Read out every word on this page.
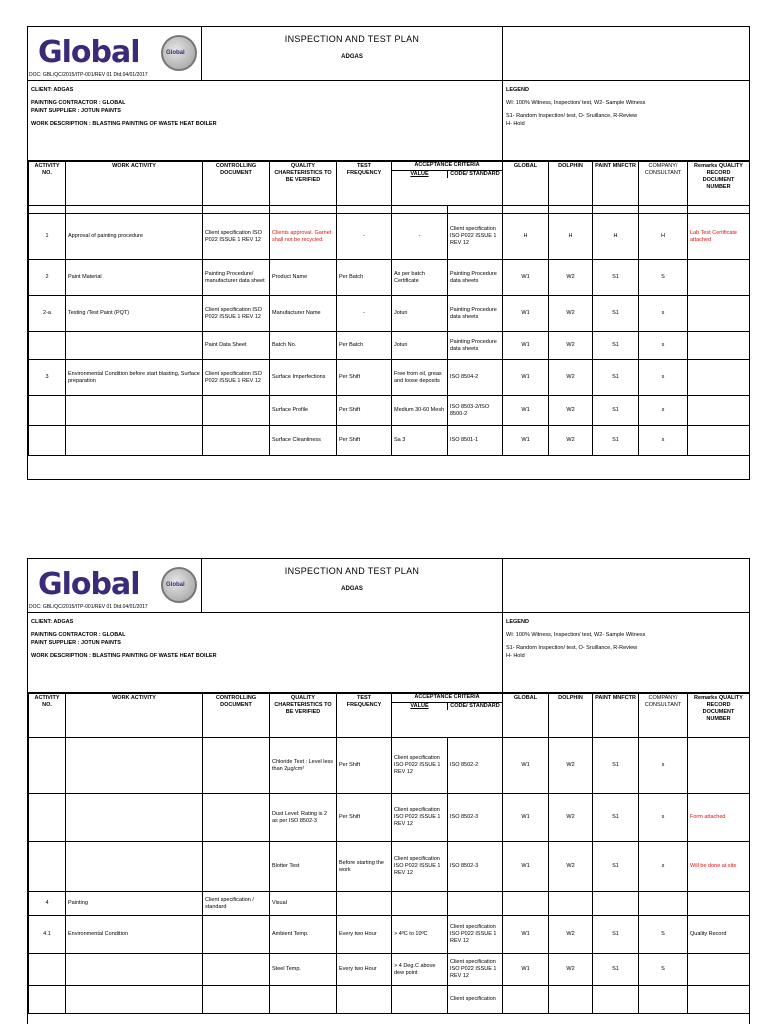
Global	Global
DOC: GBL/QC/2015/ITP-001/REV 01 Dtd.04/01/2017
INSPECTION AND TEST PLAN
ADGAS
CLIENT: ADGAS
PAINTING CONTRACTOR : GLOBAL
PAINT SUPPLIER : JOTUN PAINTS
WORK DESCRIPTION : BLASTING PAINTING OF WASTE HEAT BOILER
LEGEND
WI: 100% Witness, Inspection/ test, W2- Sample Witness
S1- Random Inspection/ test, O- Sruillance, R-Review
H- Hold
ACTIVITY NO.	WORK ACTIVITY	CONTROLLING DOCUMENT	QUALITY CHARETERISTICS TO BE VERIFIED	TEST FREQUENCY	ACCEPTANCE CRITERIA
VALUE CODE/ STANDARD		GLOBAL	DOLPHIN	PAINT MNFCTR	COMPANY/ CONSULTANT	Remarks QUALITY RECORD DOCUMENT NUMBER

1	Approval of painting procedure	Client specification ISO P022 ISSUE 1 REV 12	Clients approval. Garnet shall not be recycled.	-	-	Client specification ISO P022 ISSUE 1 REV 12	H	H	H	H	Lab Test Certificate attached
2	Paint Material	Painting Procedure/ manufacturer data sheet	Product Name	Per Batch	As per batch Certificate	Painting Procedure data sheets	W1	W2	S1	S	
2-a	Testing /Test Paint (PQT)	Client specification ISO P022 ISSUE 1 REV 12	Manufacturer Name	-	Jotun	Painting Procedure data sheets	W1	W2	S1	s	
		Paint Data Sheet	Batch No.	Per Batch	Jotun	Painting Procedure data sheets	W1	W2	S1	s	
3	Environmental Condition before start blasting, Surface preparation	Client specification ISO P022 ISSUE 1 REV 12	Surface Imperfections	Per Shift	Free from oil, greas and loose deposits	ISO 8504-2	W1	W2	S1	s	
			Surface Profile	Per Shift	Medium 30-60 Mesh	ISO 8503-2/ISO 8500-2	W1	W2	S1	s	
			Surface Cleanliness	Per Shift	Sa 3	ISO 8501-1	W1	W2	S1	s	
Global	Global
DOC: GBL/QC/2015/ITP-001/REV 01 Dtd.04/01/2017
INSPECTION AND TEST PLAN
ADGAS
CLIENT: ADGAS
PAINTING CONTRACTOR : GLOBAL
PAINT SUPPLIER : JOTUN PAINTS
WORK DESCRIPTION : BLASTING PAINTING OF WASTE HEAT BOILER
LEGEND
WI: 100% Witness, Inspection/ test, W2- Sample Witness
S1- Random Inspection/ test, O- Sruillance, R-Review
H- Hold
ACTIVITY NO.	WORK ACTIVITY	CONTROLLING DOCUMENT	QUALITY CHARETERISTICS TO BE VERIFIED	TEST FREQUENCY	ACCEPTANCE CRITERIA
VALUE CODE/ STANDARD		GLOBAL	DOLPHIN	PAINT MNFCTR	COMPANY/ CONSULTANT	Remarks QUALITY RECORD DOCUMENT NUMBER
			Chloride Test : Level less than 2µg/cm²	Per Shift	Client specification ISO P022 ISSUE 1 REV 12	ISO 8502-2	W1	W2	S1	s	
			Dust Level: Rating is 2 as per ISO 8502-3	Per Shift	Client specification ISO P022 ISSUE 1 REV 12	ISO 8502-3	W1	W2	S1	s	Form attached
			Blotter Test	Before starting the work	Client specification ISO P022 ISSUE 1 REV 12	ISO 8502-3	W1	W2	S1	s	Will be done at site
4	Painting	Client specification / standard	Visual								
4.1	Environmental Condition		Ambient Temp.	Every two Hour	> 4ºC to 10ºC	Client specification ISO P022 ISSUE 1 REV 12	W1	W2	S1	S	Quality Record
			Steel Temp.	Every two Hour	> 4 Deg.C above dew point	Client specification ISO P022 ISSUE 1 REV 12	W1	W2	S1	S	
						Client specification					
